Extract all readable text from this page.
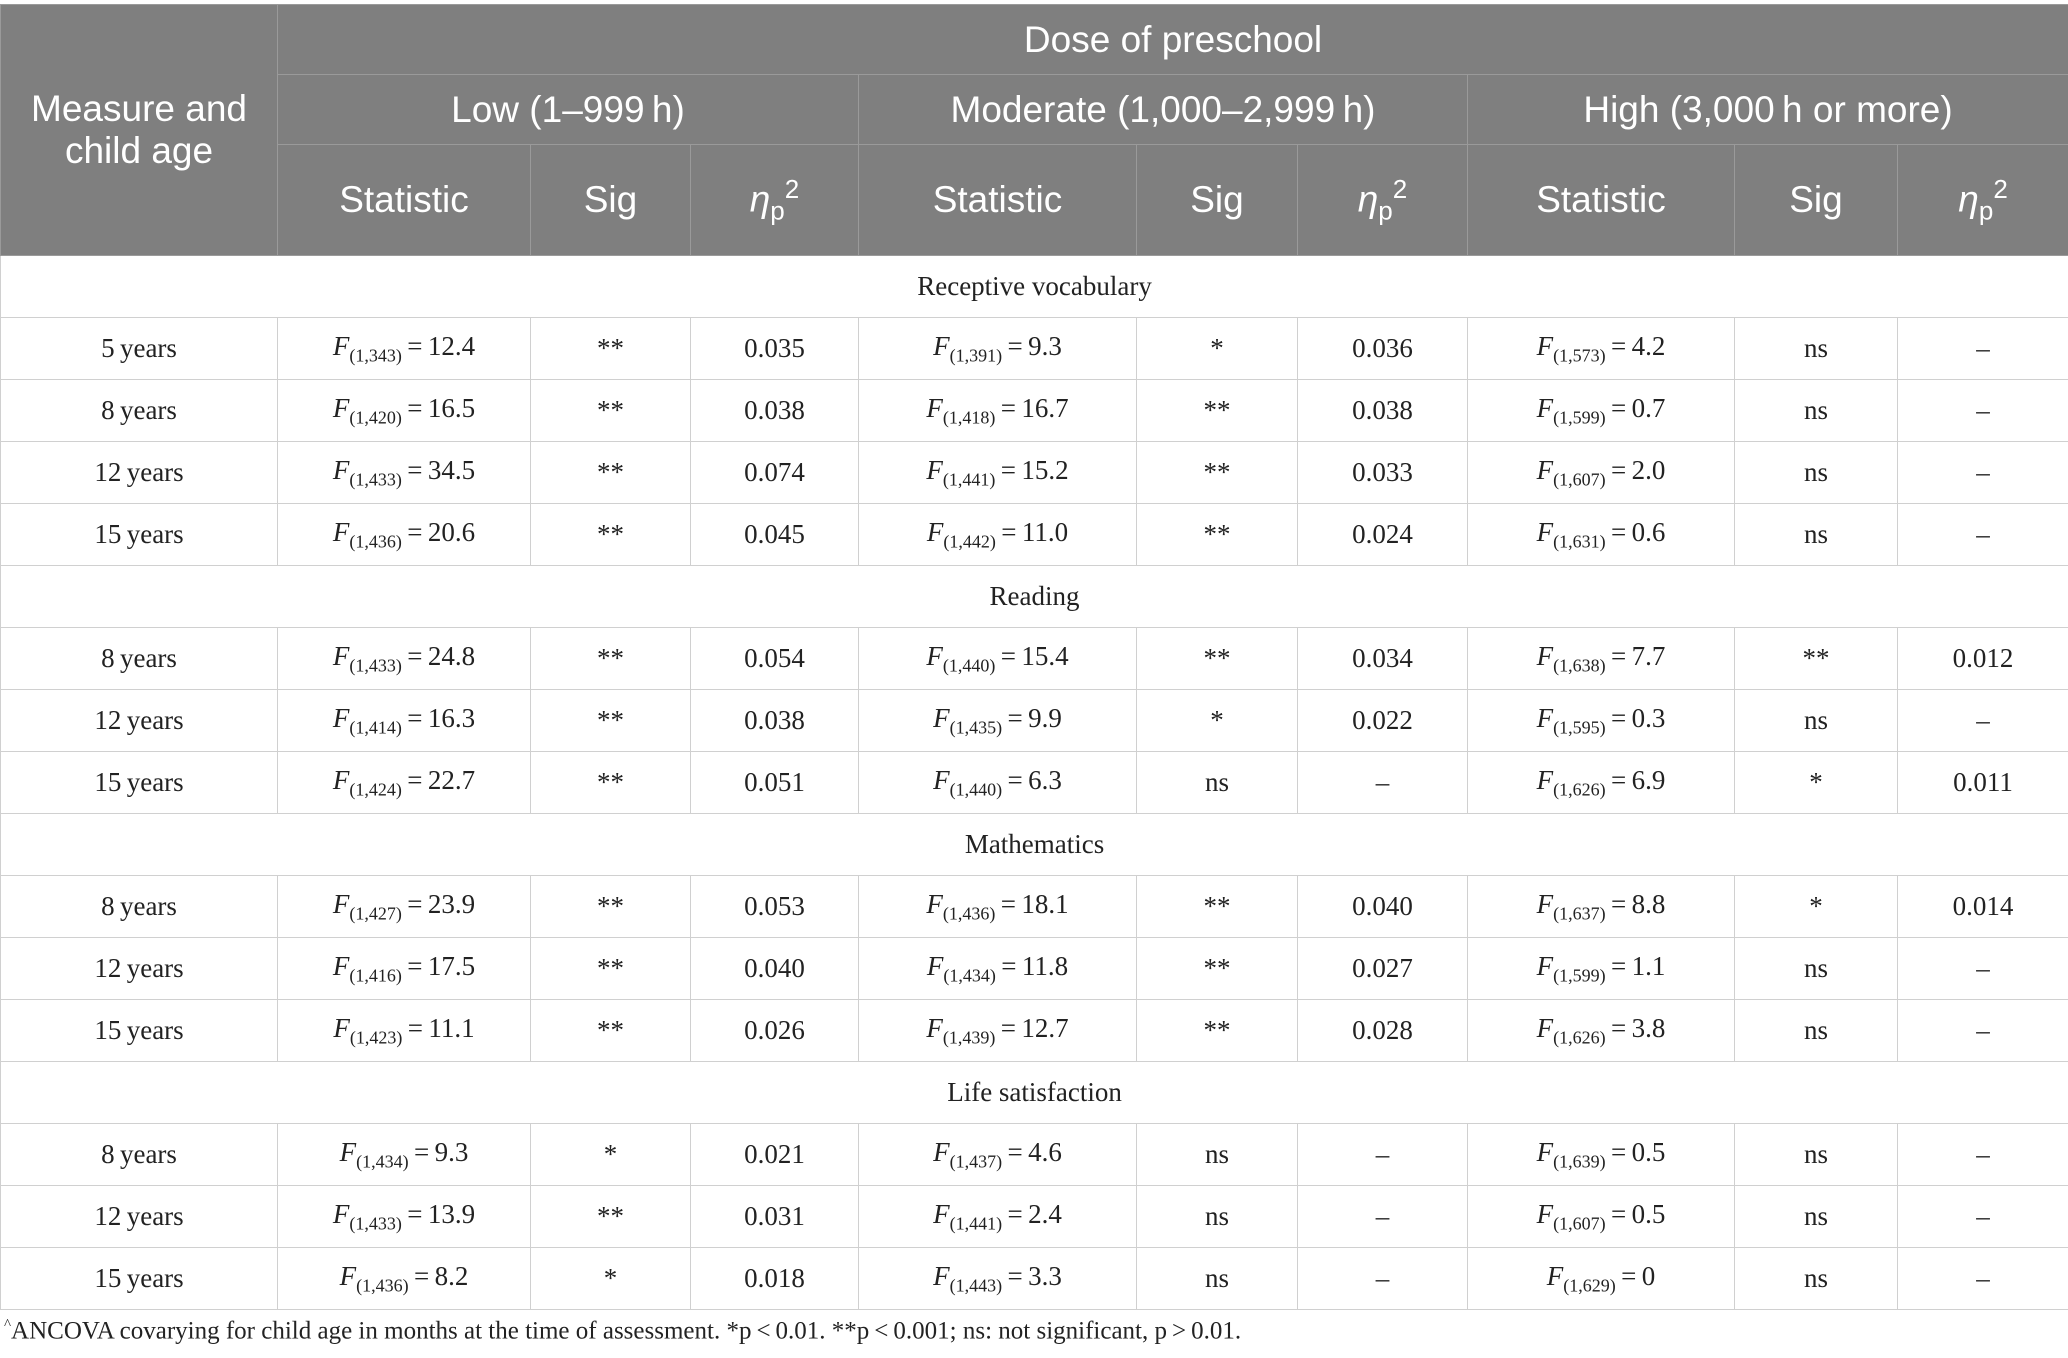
Measure and child age	Dose of preschool								
	Low (1–999 h)			Moderate (1,000–2,999 h)			High (3,000 h or more)		
	Statistic	Sig	$\eta_p^2$	Statistic	Sig	$\eta_p^2$	Statistic	Sig	$\eta_p^2$
Receptive vocabulary									
5 years	$F_{(1,343)} = 12.4$	**	0.035	$F_{(1,391)} = 9.3$	*	0.036	$F_{(1,573)} = 4.2$	ns	–
8 years	$F_{(1,420)} = 16.5$	**	0.038	$F_{(1,418)} = 16.7$	**	0.038	$F_{(1,599)} = 0.7$	ns	–
12 years	$F_{(1,433)} = 34.5$	**	0.074	$F_{(1,441)} = 15.2$	**	0.033	$F_{(1,607)} = 2.0$	ns	–
15 years	$F_{(1,436)} = 20.6$	**	0.045	$F_{(1,442)} = 11.0$	**	0.024	$F_{(1,631)} = 0.6$	ns	–
Reading									
8 years	$F_{(1,433)} = 24.8$	**	0.054	$F_{(1,440)} = 15.4$	**	0.034	$F_{(1,638)} = 7.7$	**	0.012
12 years	$F_{(1,414)} = 16.3$	**	0.038	$F_{(1,435)} = 9.9$	*	0.022	$F_{(1,595)} = 0.3$	ns	–
15 years	$F_{(1,424)} = 22.7$	**	0.051	$F_{(1,440)} = 6.3$	ns	–	$F_{(1,626)} = 6.9$	*	0.011
Mathematics									
8 years	$F_{(1,427)} = 23.9$	**	0.053	$F_{(1,436)} = 18.1$	**	0.040	$F_{(1,637)} = 8.8$	*	0.014
12 years	$F_{(1,416)} = 17.5$	**	0.040	$F_{(1,434)} = 11.8$	**	0.027	$F_{(1,599)} = 1.1$	ns	–
15 years	$F_{(1,423)} = 11.1$	**	0.026	$F_{(1,439)} = 12.7$	**	0.028	$F_{(1,626)} = 3.8$	ns	–
Life satisfaction									
8 years	$F_{(1,434)} = 9.3$	*	0.021	$F_{(1,437)} = 4.6$	ns	–	$F_{(1,639)} = 0.5$	ns	–
12 years	$F_{(1,433)} = 13.9$	**	0.031	$F_{(1,441)} = 2.4$	ns	–	$F_{(1,607)} = 0.5$	ns	–
15 years	$F_{(1,436)} = 8.2$	*	0.018	$F_{(1,443)} = 3.3$	ns	–	$F_{(1,629)} = 0$	ns	–
^ANCOVA covarying for child age in months at the time of assessment. *p < 0.01. **p < 0.001; ns: not significant, p > 0.01.
